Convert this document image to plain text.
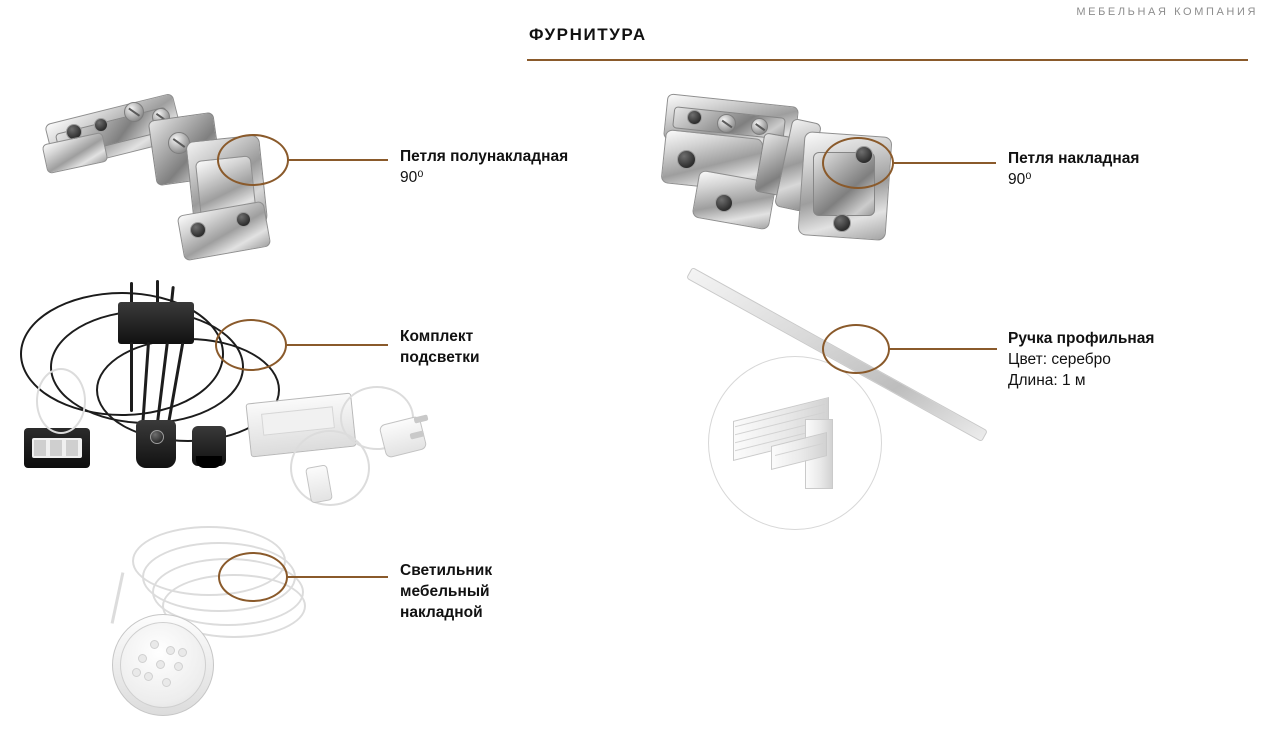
МЕБЕЛЬНАЯ КОМПАНИЯ
ФУРНИТУРА
Петля полунакладная
90⁰
Петля накладная
90⁰
Комплект
подсветки
Ручка профильная
Цвет: серебро
Длина: 1 м
Светильник
мебельный
накладной
